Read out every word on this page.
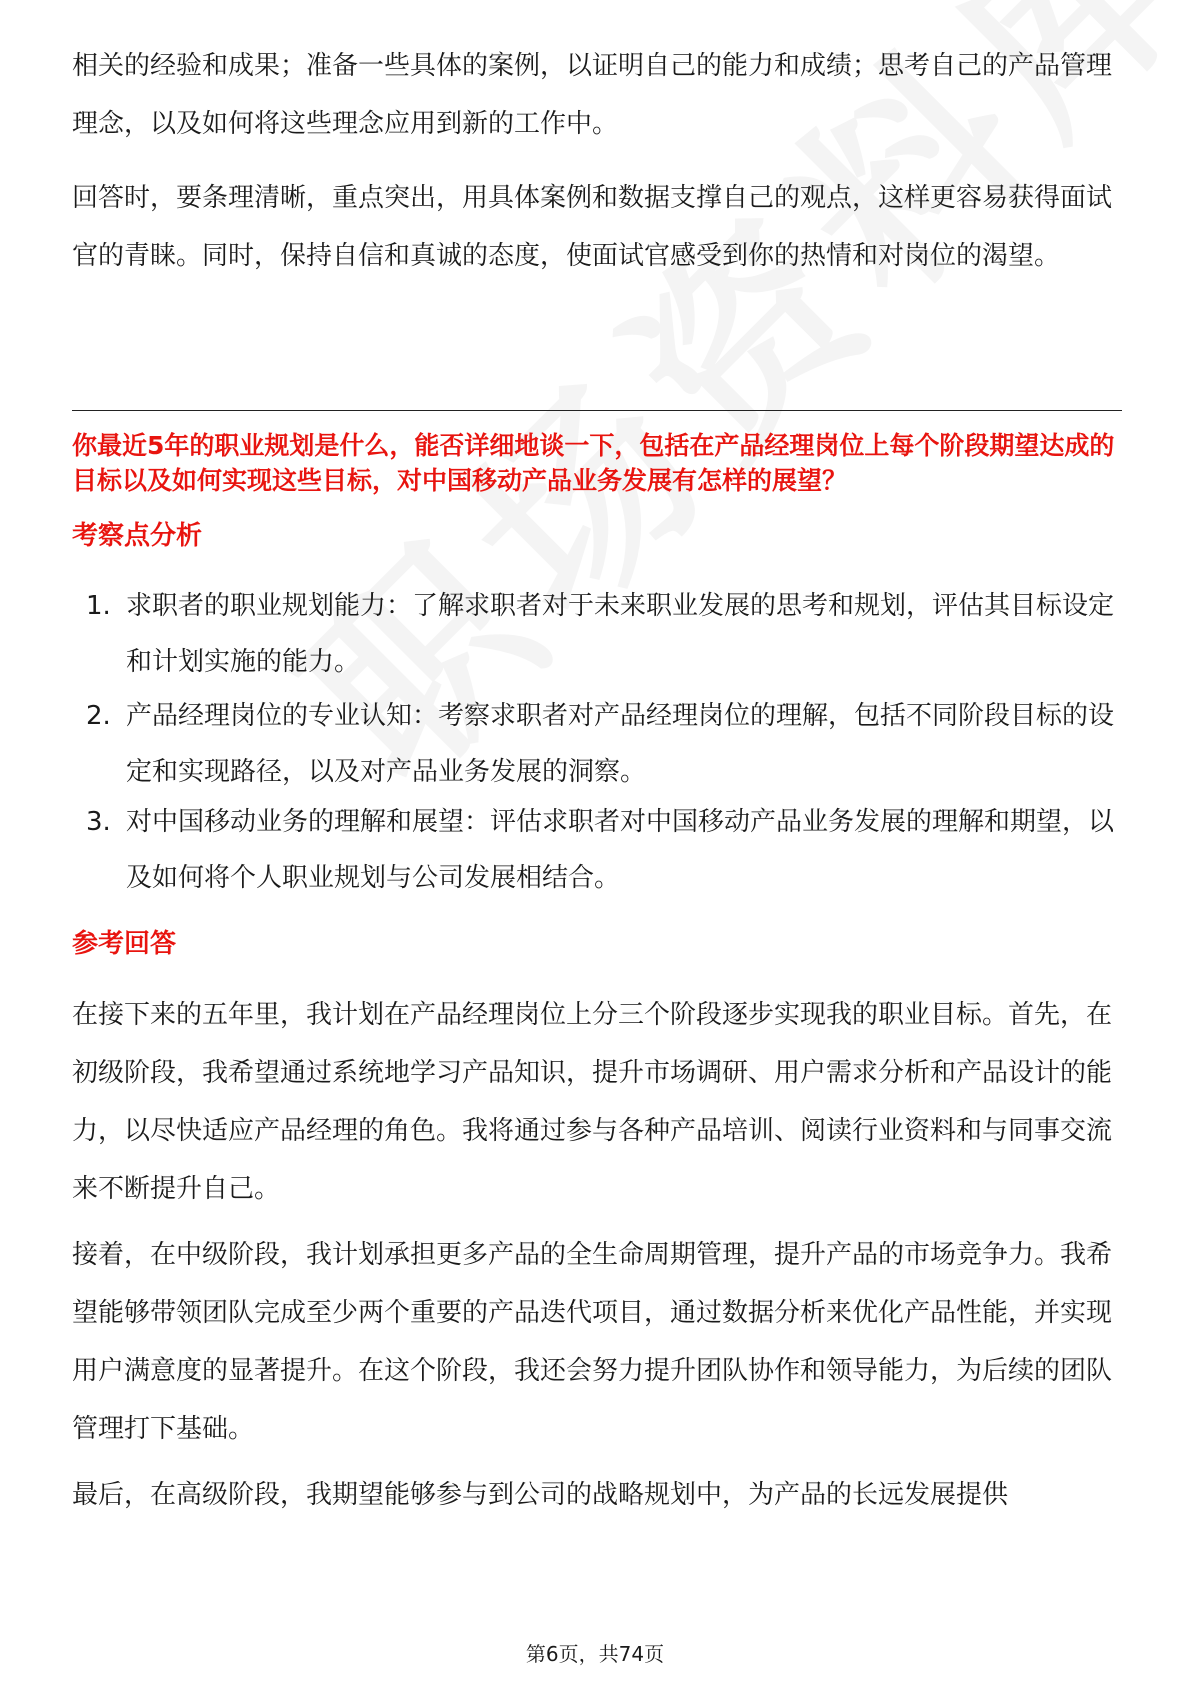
相关的经验和成果；准备一些具体的案例，以证明自己的能力和成绩；思考自己的产品管理理念，以及如何将这些理念应用到新的工作中。

回答时，要条理清晰，重点突出，用具体案例和数据支撑自己的观点，这样更容易获得面试官的青睐。同时，保持自信和真诚的态度，使面试官感受到你的热情和对岗位的渴望。

你最近5年的职业规划是什么，能否详细地谈一下，包括在产品经理岗位上每个阶段期望达成的目标以及如何实现这些目标，对中国移动产品业务发展有怎样的展望？

考察点分析

1. 求职者的职业规划能力：了解求职者对于未来职业发展的思考和规划，评估其目标设定和计划实施的能力。
2. 产品经理岗位的专业认知：考察求职者对产品经理岗位的理解，包括不同阶段目标的设定和实现路径，以及对产品业务发展的洞察。
3. 对中国移动业务的理解和展望：评估求职者对中国移动产品业务发展的理解和期望，以及如何将个人职业规划与公司发展相结合。

参考回答

在接下来的五年里，我计划在产品经理岗位上分三个阶段逐步实现我的职业目标。首先，在初级阶段，我希望通过系统地学习产品知识，提升市场调研、用户需求分析和产品设计的能力，以尽快适应产品经理的角色。我将通过参与各种产品培训、阅读行业资料和与同事交流来不断提升自己。

接着，在中级阶段，我计划承担更多产品的全生命周期管理，提升产品的市场竞争力。我希望能够带领团队完成至少两个重要的产品迭代项目，通过数据分析来优化产品性能，并实现用户满意度的显著提升。在这个阶段，我还会努力提升团队协作和领导能力，为后续的团队管理打下基础。

最后，在高级阶段，我期望能够参与到公司的战略规划中，为产品的长远发展提供

第6页，共74页
